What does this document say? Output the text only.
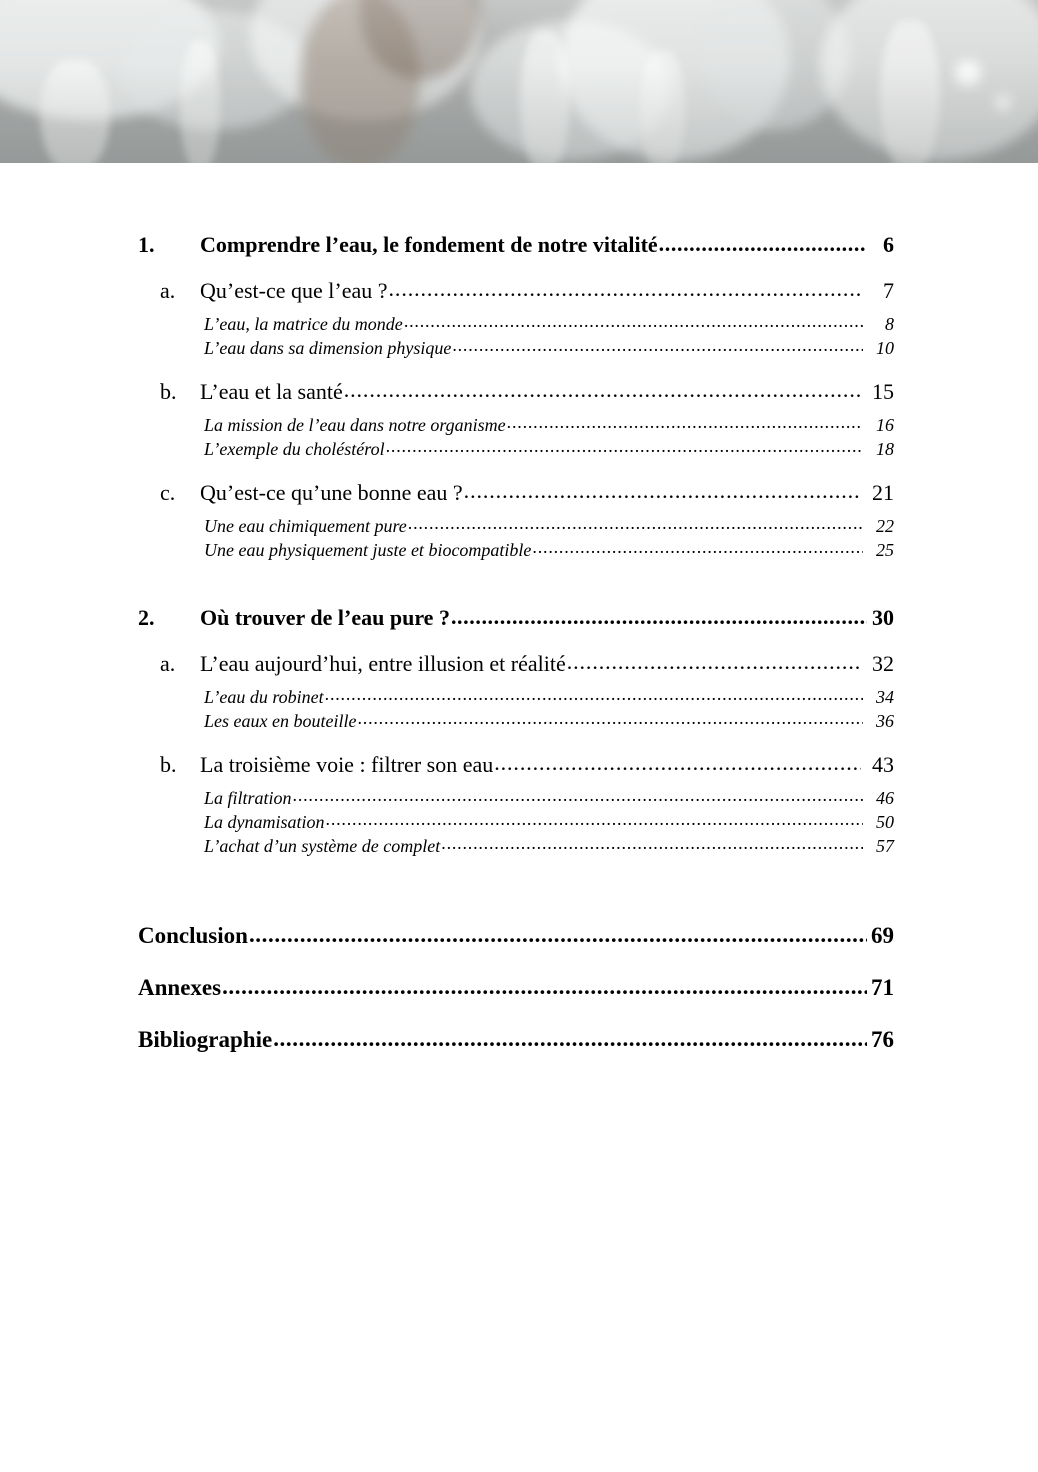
1.	Comprendre l’eau, le fondement de notre vitalité .....	6
a.	Qu’est-ce que l’eau ? .....	7
L’eau, la matrice du monde .....	8
L’eau dans sa dimension physique .....	10
b.	L’eau et la santé .....	15
La mission de l’eau dans notre organisme .....	16
L’exemple du choléstérol .....	18
c.	Qu’est-ce qu’une bonne eau ? .....	21
Une eau chimiquement pure .....	22
Une eau physiquement juste et biocompatible .....	25
2.	Où trouver de l’eau pure ? .....	30
a.	L’eau aujourd’hui, entre illusion et réalité .....	32
L’eau du robinet .....	34
Les eaux en bouteille .....	36
b.	La troisième voie : filtrer son eau .....	43
La filtration .....	46
La dynamisation .....	50
L’achat d’un système de complet .....	57
Conclusion .....	69
Annexes .....	71
Bibliographie .....	76
